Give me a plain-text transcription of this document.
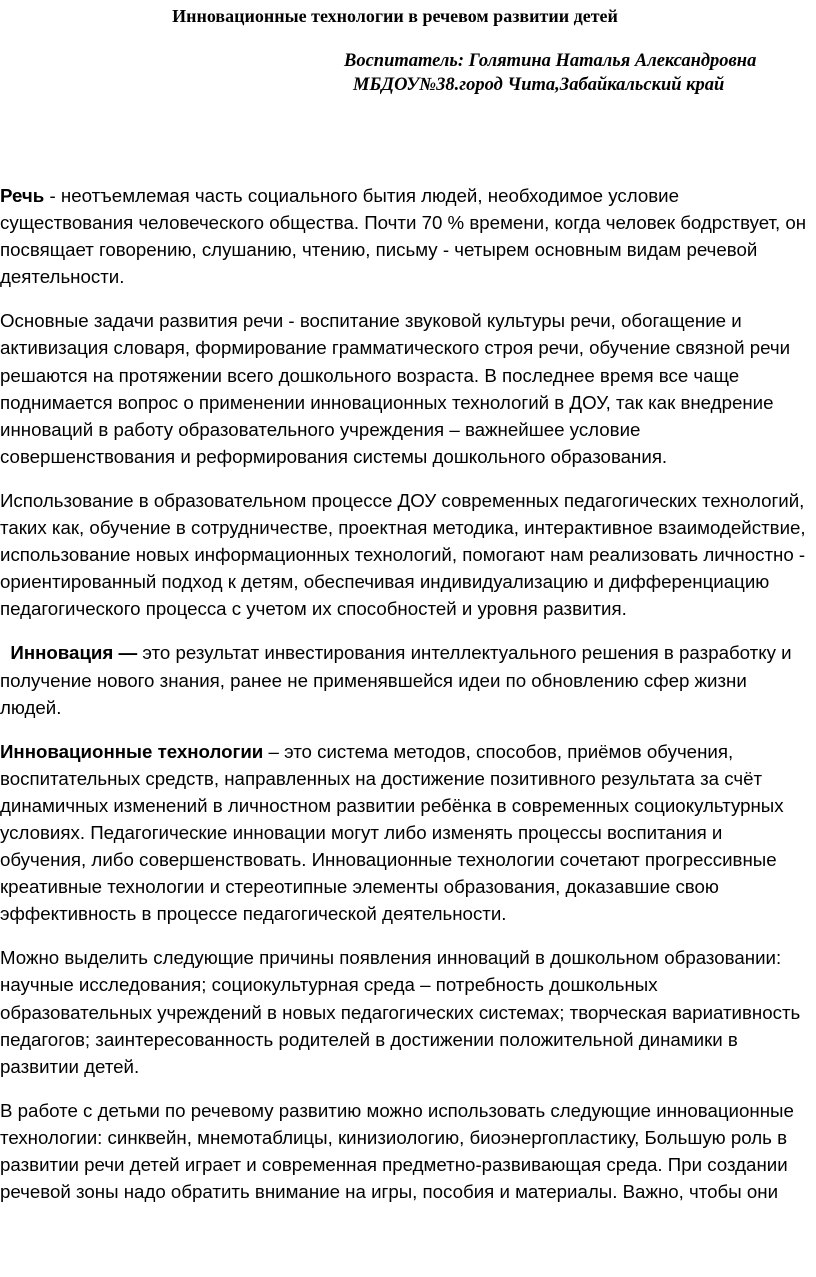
Инновационные технологии в речевом развитии детей
Воспитатель: Голятина Наталья Александровна
МБДОУ№38.город Чита,Забайкальский край

Речь - неотъемлемая часть социального бытия людей, необходимое условие существования человеческого общества. Почти 70 % времени, когда человек бодрствует, он посвящает говорению, слушанию, чтению, письму - четырем основным видам речевой деятельности.

Основные задачи развития речи - воспитание звуковой культуры речи, обогащение и активизация словаря, формирование грамматического строя речи, обучение связной речи решаются на протяжении всего дошкольного возраста. В последнее время все чаще поднимается вопрос о применении инновационных технологий в ДОУ, так как внедрение инноваций в работу образовательного учреждения – важнейшее условие совершенствования и реформирования системы дошкольного образования.

Использование в образовательном процессе ДОУ современных педагогических технологий, таких как, обучение в сотрудничестве, проектная методика, интерактивное взаимодействие, использование новых информационных технологий, помогают нам реализовать личностно - ориентированный подход к детям, обеспечивая индивидуализацию и дифференциацию педагогического процесса с учетом их способностей и уровня развития.

Инновация — это результат инвестирования интеллектуального решения в разработку и получение нового знания, ранее не применявшейся идеи по обновлению сфер жизни людей.

Инновационные технологии – это система методов, способов, приёмов обучения, воспитательных средств, направленных на достижение позитивного результата за счёт динамичных изменений в личностном развитии ребёнка в современных социокультурных условиях. Педагогические инновации могут либо изменять процессы воспитания и обучения, либо совершенствовать. Инновационные технологии сочетают прогрессивные креативные технологии и стереотипные элементы образования, доказавшие свою эффективность в процессе педагогической деятельности.

Можно выделить следующие причины появления инноваций в дошкольном образовании: научные исследования; социокультурная среда – потребность дошкольных образовательных учреждений в новых педагогических системах; творческая вариативность педагогов; заинтересованность родителей в достижении положительной динамики в развитии детей.

В работе с детьми по речевому развитию можно использовать следующие инновационные технологии: синквейн, мнемотаблицы, кинизиологию, биоэнергопластику, Большую роль в развитии речи детей играет и современная предметно-развивающая среда. При создании речевой зоны надо обратить внимание на игры, пособия и материалы. Важно, чтобы они
